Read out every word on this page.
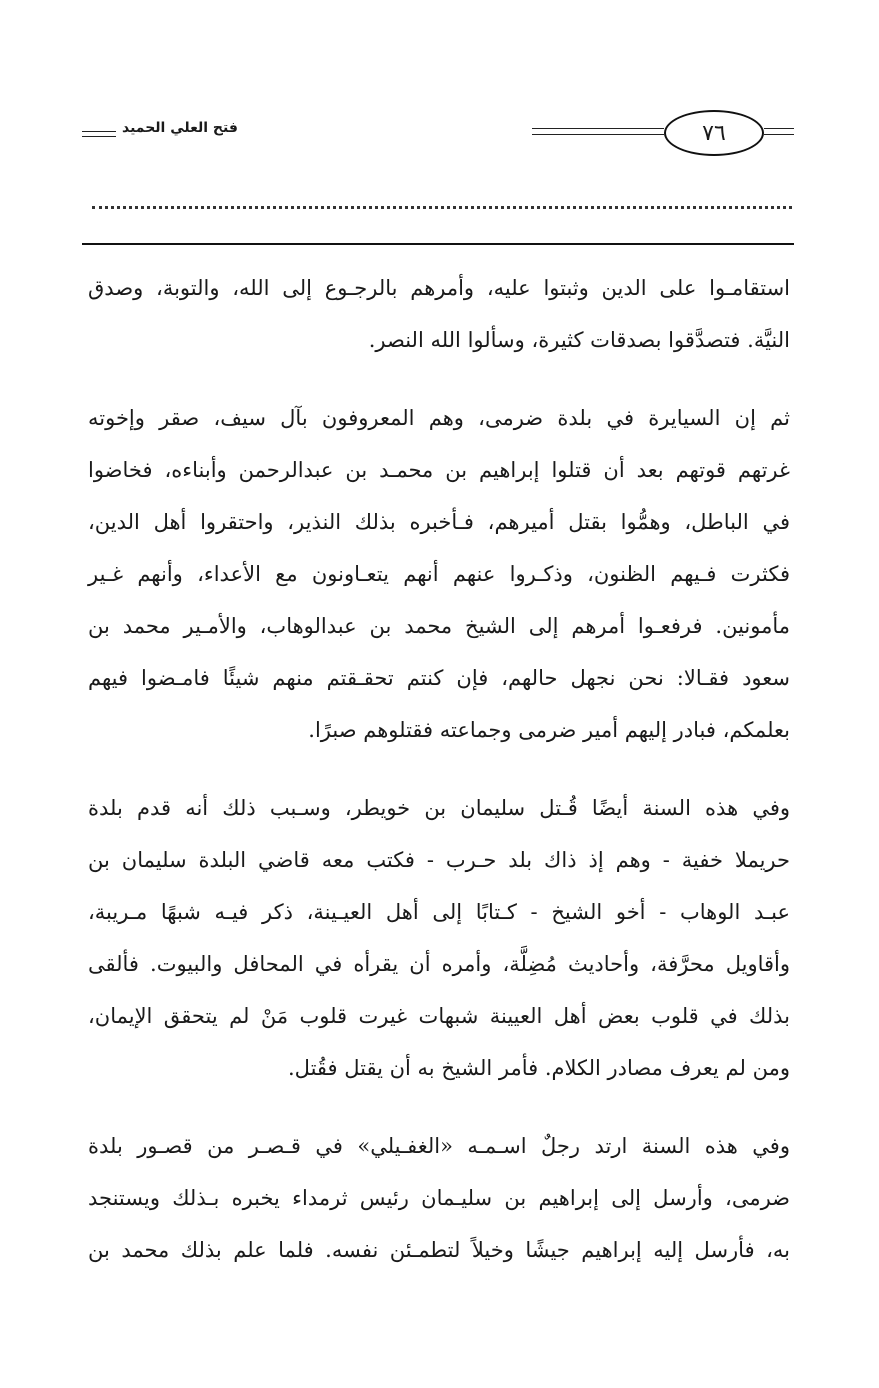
فتح العلي الحميد	٧٦

استقامـوا على الدين وثبتوا عليه، وأمرهم بالرجـوع إلى الله، والتوبة، وصدق
النيَّة. فتصدَّقوا بصدقات كثيرة، وسألوا الله النصر.

ثم إن السيايرة في بلدة ضرمى، وهم المعروفون بآل سيف، صقر وإخوته
غرتهم قوتهم بعد أن قتلوا إبراهيم بن محمـد بن عبدالرحمن وأبناءه، فخاضوا
في الباطل، وهمُّوا بقتل أميرهم، فـأخبره بذلك النذير، واحتقروا أهل الدين،
فكثرت فـيهم الظنون، وذكـروا عنهم أنهم يتعـاونون مع الأعداء، وأنهم غـير
مأمونين. فرفعـوا أمرهم إلى الشيخ محمد بن عبدالوهاب، والأمـير محمد بن
سعود فقـالا: نحن نجهل حالهم، فإن كنتم تحقـقتم منهم شيئًا فامـضوا فيهم
بعلمكم، فبادر إليهم أمير ضرمى وجماعته فقتلوهم صبرًا.

وفي هذه السنة أيضًا قُـتل سليمان بن خويطر، وسـبب ذلك أنه قدم بلدة
حريملا خفية - وهم إذ ذاك بلد حـرب - فكتب معه قاضي البلدة سليمان بن
عبـد الوهاب - أخو الشيخ - كـتابًا إلى أهل العيـينة، ذكر فيـه شبهًا مـريبة،
وأقاويل محرَّفة، وأحاديث مُضِلَّة، وأمره أن يقرأه في المحافل والبيوت. فألقى
بذلك في قلوب بعض أهل العيينة شبهات غيرت قلوب مَنْ لم يتحقق الإيمان،
ومن لم يعرف مصادر الكلام. فأمر الشيخ به أن يقتل فقُتل.

وفي هذه السنة ارتد رجلٌ اسـمـه «الغفـيلي» في قـصـر من قصـور بلدة
ضرمى، وأرسل إلى إبراهيم بن سليـمان رئيس ثرمداء يخبره بـذلك ويستنجد
به، فأرسل إليه إبراهيم جيشًا وخيلاً لتطمـئن نفسه. فلما علم بذلك محمد بن
